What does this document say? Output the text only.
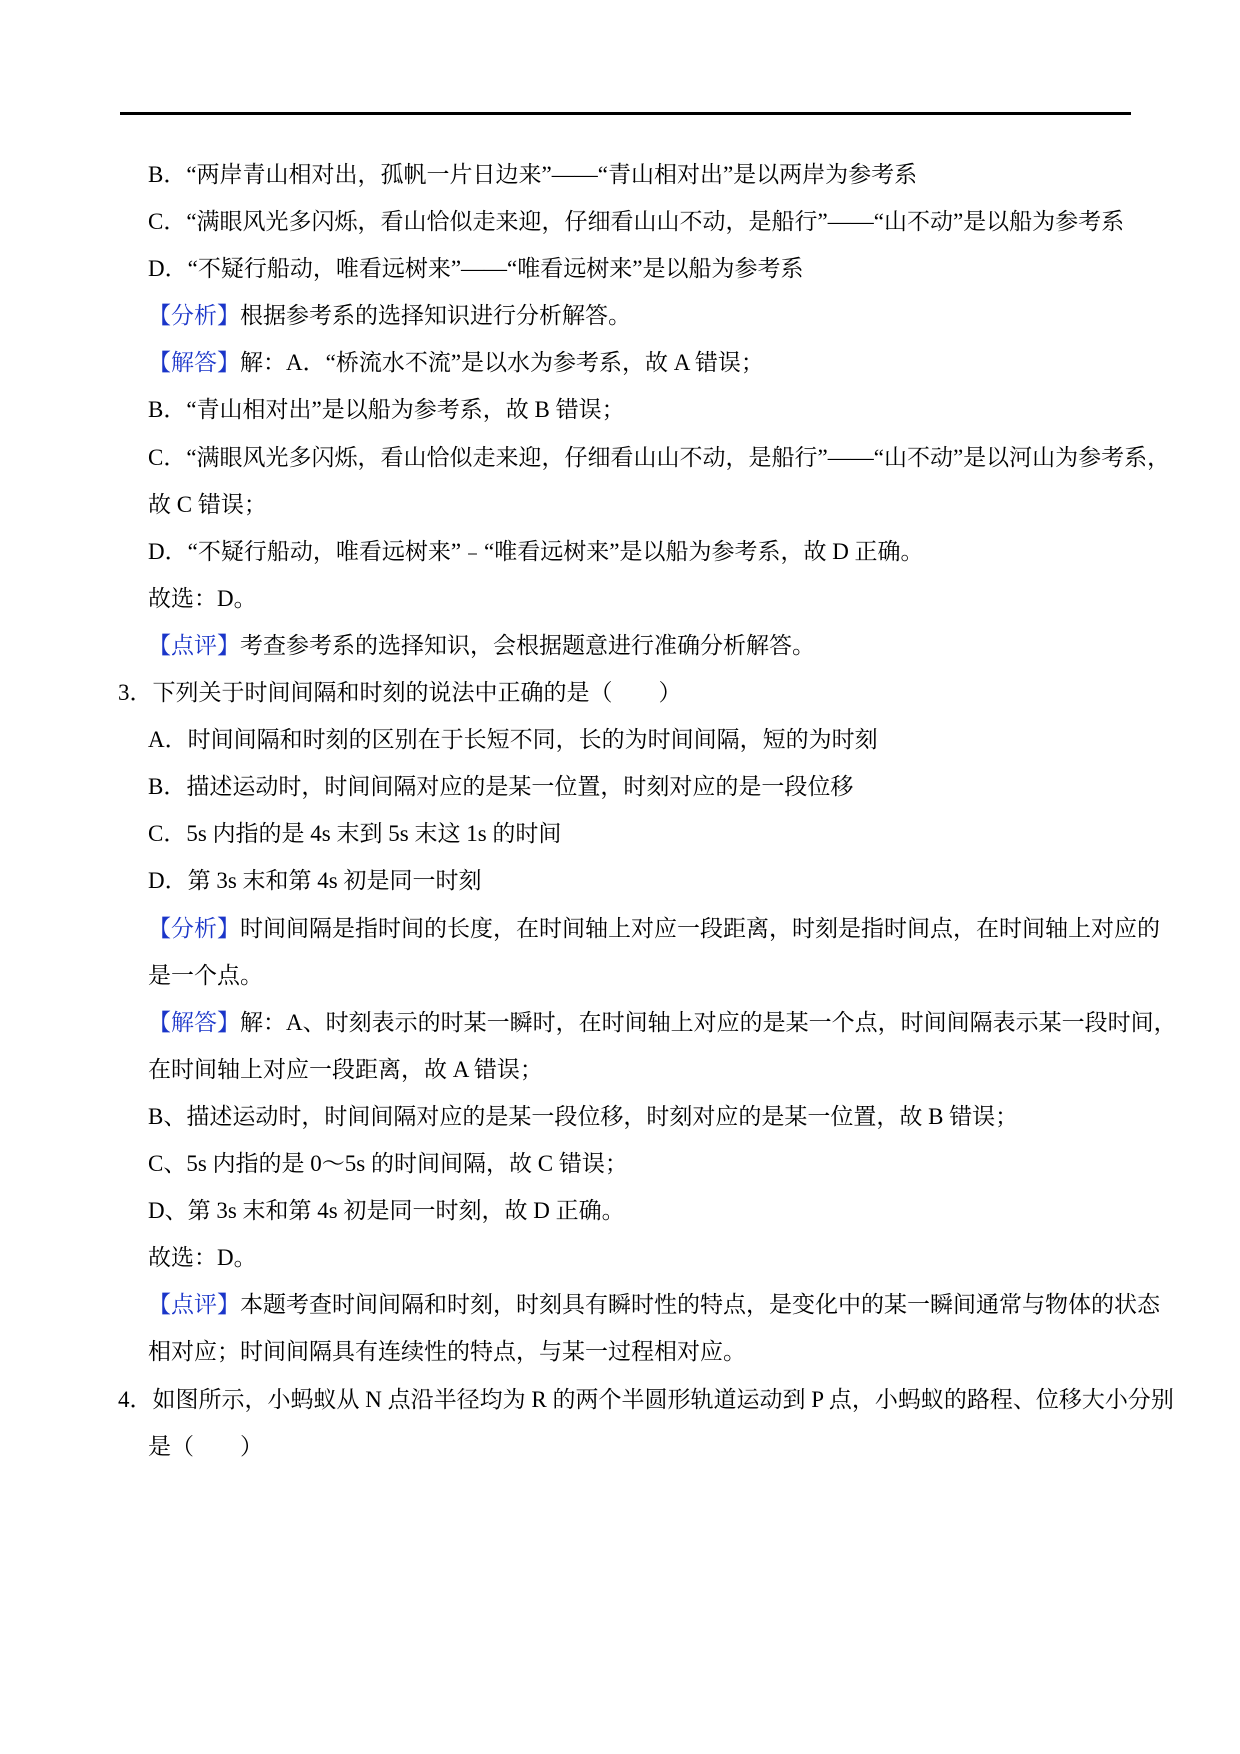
B．“两岸青山相对出，孤帆一片日边来”——“青山相对出”是以两岸为参考系
C．“满眼风光多闪烁，看山恰似走来迎，仔细看山山不动，是船行”——“山不动”是以船为参考系
D．“不疑行船动，唯看远树来”——“唯看远树来”是以船为参考系
【分析】根据参考系的选择知识进行分析解答。
【解答】解：A．“桥流水不流”是以水为参考系，故 A 错误；
B．“青山相对出”是以船为参考系，故 B 错误；
C．“满眼风光多闪烁，看山恰似走来迎，仔细看山山不动，是船行”——“山不动”是以河山为参考系，
故 C 错误；
D．“不疑行船动，唯看远树来”﹣“唯看远树来”是以船为参考系，故 D 正确。
故选：D。
【点评】考查参考系的选择知识，会根据题意进行准确分析解答。
3．下列关于时间间隔和时刻的说法中正确的是（　　）
A．时间间隔和时刻的区别在于长短不同，长的为时间间隔，短的为时刻
B．描述运动时，时间间隔对应的是某一位置，时刻对应的是一段位移
C．5s 内指的是 4s 末到 5s 末这 1s 的时间
D．第 3s 末和第 4s 初是同一时刻
【分析】时间间隔是指时间的长度，在时间轴上对应一段距离，时刻是指时间点，在时间轴上对应的
是一个点。
【解答】解：A、时刻表示的时某一瞬时，在时间轴上对应的是某一个点，时间间隔表示某一段时间，
在时间轴上对应一段距离，故 A 错误；
B、描述运动时，时间间隔对应的是某一段位移，时刻对应的是某一位置，故 B 错误；
C、5s 内指的是 0～5s 的时间间隔，故 C 错误；
D、第 3s 末和第 4s 初是同一时刻，故 D 正确。
故选：D。
【点评】本题考查时间间隔和时刻，时刻具有瞬时性的特点，是变化中的某一瞬间通常与物体的状态
相对应；时间间隔具有连续性的特点，与某一过程相对应。
4．如图所示，小蚂蚁从 N 点沿半径均为 R 的两个半圆形轨道运动到 P 点，小蚂蚁的路程、位移大小分别
是（　　）
